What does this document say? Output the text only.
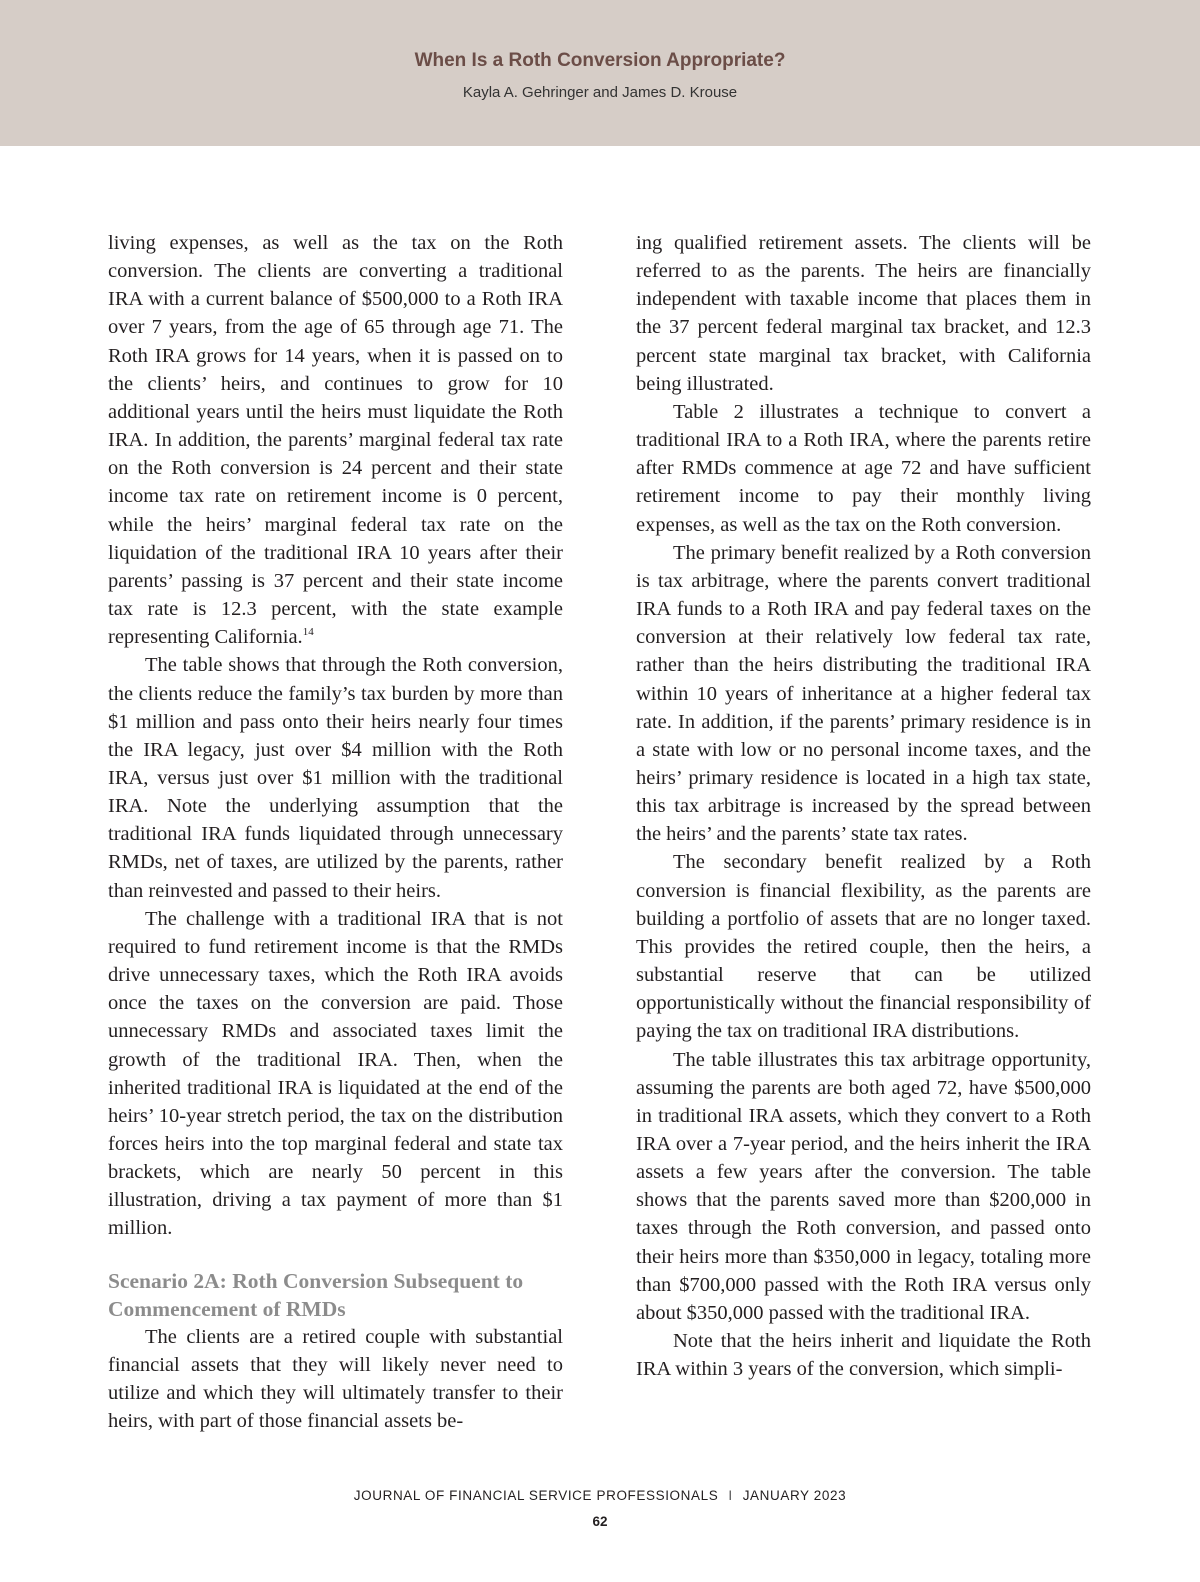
When Is a Roth Conversion Appropriate?
Kayla A. Gehringer and James D. Krouse

living expenses, as well as the tax on the Roth conversion. The clients are converting a traditional IRA with a current balance of $500,000 to a Roth IRA over 7 years, from the age of 65 through age 71. The Roth IRA grows for 14 years, when it is passed on to the clients’ heirs, and continues to grow for 10 additional years until the heirs must liquidate the Roth IRA. In addition, the parents’ marginal federal tax rate on the Roth conversion is 24 percent and their state income tax rate on retirement income is 0 percent, while the heirs’ marginal federal tax rate on the liquidation of the traditional IRA 10 years after their parents’ passing is 37 percent and their state income tax rate is 12.3 percent, with the state example representing California.$^{14}$

The table shows that through the Roth conversion, the clients reduce the family’s tax burden by more than $1 million and pass onto their heirs nearly four times the IRA legacy, just over $4 million with the Roth IRA, versus just over $1 million with the traditional IRA. Note the underlying assumption that the traditional IRA funds liquidated through unnecessary RMDs, net of taxes, are utilized by the parents, rather than reinvested and passed to their heirs.

The challenge with a traditional IRA that is not required to fund retirement income is that the RMDs drive unnecessary taxes, which the Roth IRA avoids once the taxes on the conversion are paid. Those unnecessary RMDs and associated taxes limit the growth of the traditional IRA. Then, when the inherited traditional IRA is liquidated at the end of the heirs’ 10-year stretch period, the tax on the distribution forces heirs into the top marginal federal and state tax brackets, which are nearly 50 percent in this illustration, driving a tax payment of more than $1 million.

Scenario 2A: Roth Conversion Subsequent to Commencement of RMDs

The clients are a retired couple with substantial financial assets that they will likely never need to utilize and which they will ultimately transfer to their heirs, with part of those financial assets be-

ing qualified retirement assets. The clients will be referred to as the parents. The heirs are financially independent with taxable income that places them in the 37 percent federal marginal tax bracket, and 12.3 percent state marginal tax bracket, with California being illustrated.

Table 2 illustrates a technique to convert a traditional IRA to a Roth IRA, where the parents retire after RMDs commence at age 72 and have sufficient retirement income to pay their monthly living expenses, as well as the tax on the Roth conversion.

The primary benefit realized by a Roth conversion is tax arbitrage, where the parents convert traditional IRA funds to a Roth IRA and pay federal taxes on the conversion at their relatively low federal tax rate, rather than the heirs distributing the traditional IRA within 10 years of inheritance at a higher federal tax rate. In addition, if the parents’ primary residence is in a state with low or no personal income taxes, and the heirs’ primary residence is located in a high tax state, this tax arbitrage is increased by the spread between the heirs’ and the parents’ state tax rates.

The secondary benefit realized by a Roth conversion is financial flexibility, as the parents are building a portfolio of assets that are no longer taxed. This provides the retired couple, then the heirs, a substantial reserve that can be utilized opportunistically without the financial responsibility of paying the tax on traditional IRA distributions.

The table illustrates this tax arbitrage opportunity, assuming the parents are both aged 72, have $500,000 in traditional IRA assets, which they convert to a Roth IRA over a 7-year period, and the heirs inherit the IRA assets a few years after the conversion. The table shows that the parents saved more than $200,000 in taxes through the Roth conversion, and passed onto their heirs more than $350,000 in legacy, totaling more than $700,000 passed with the Roth IRA versus only about $350,000 passed with the traditional IRA.

Note that the heirs inherit and liquidate the Roth IRA within 3 years of the conversion, which simpli-

JOURNAL OF FINANCIAL SERVICE PROFESSIONALS I JANUARY 2023
62
